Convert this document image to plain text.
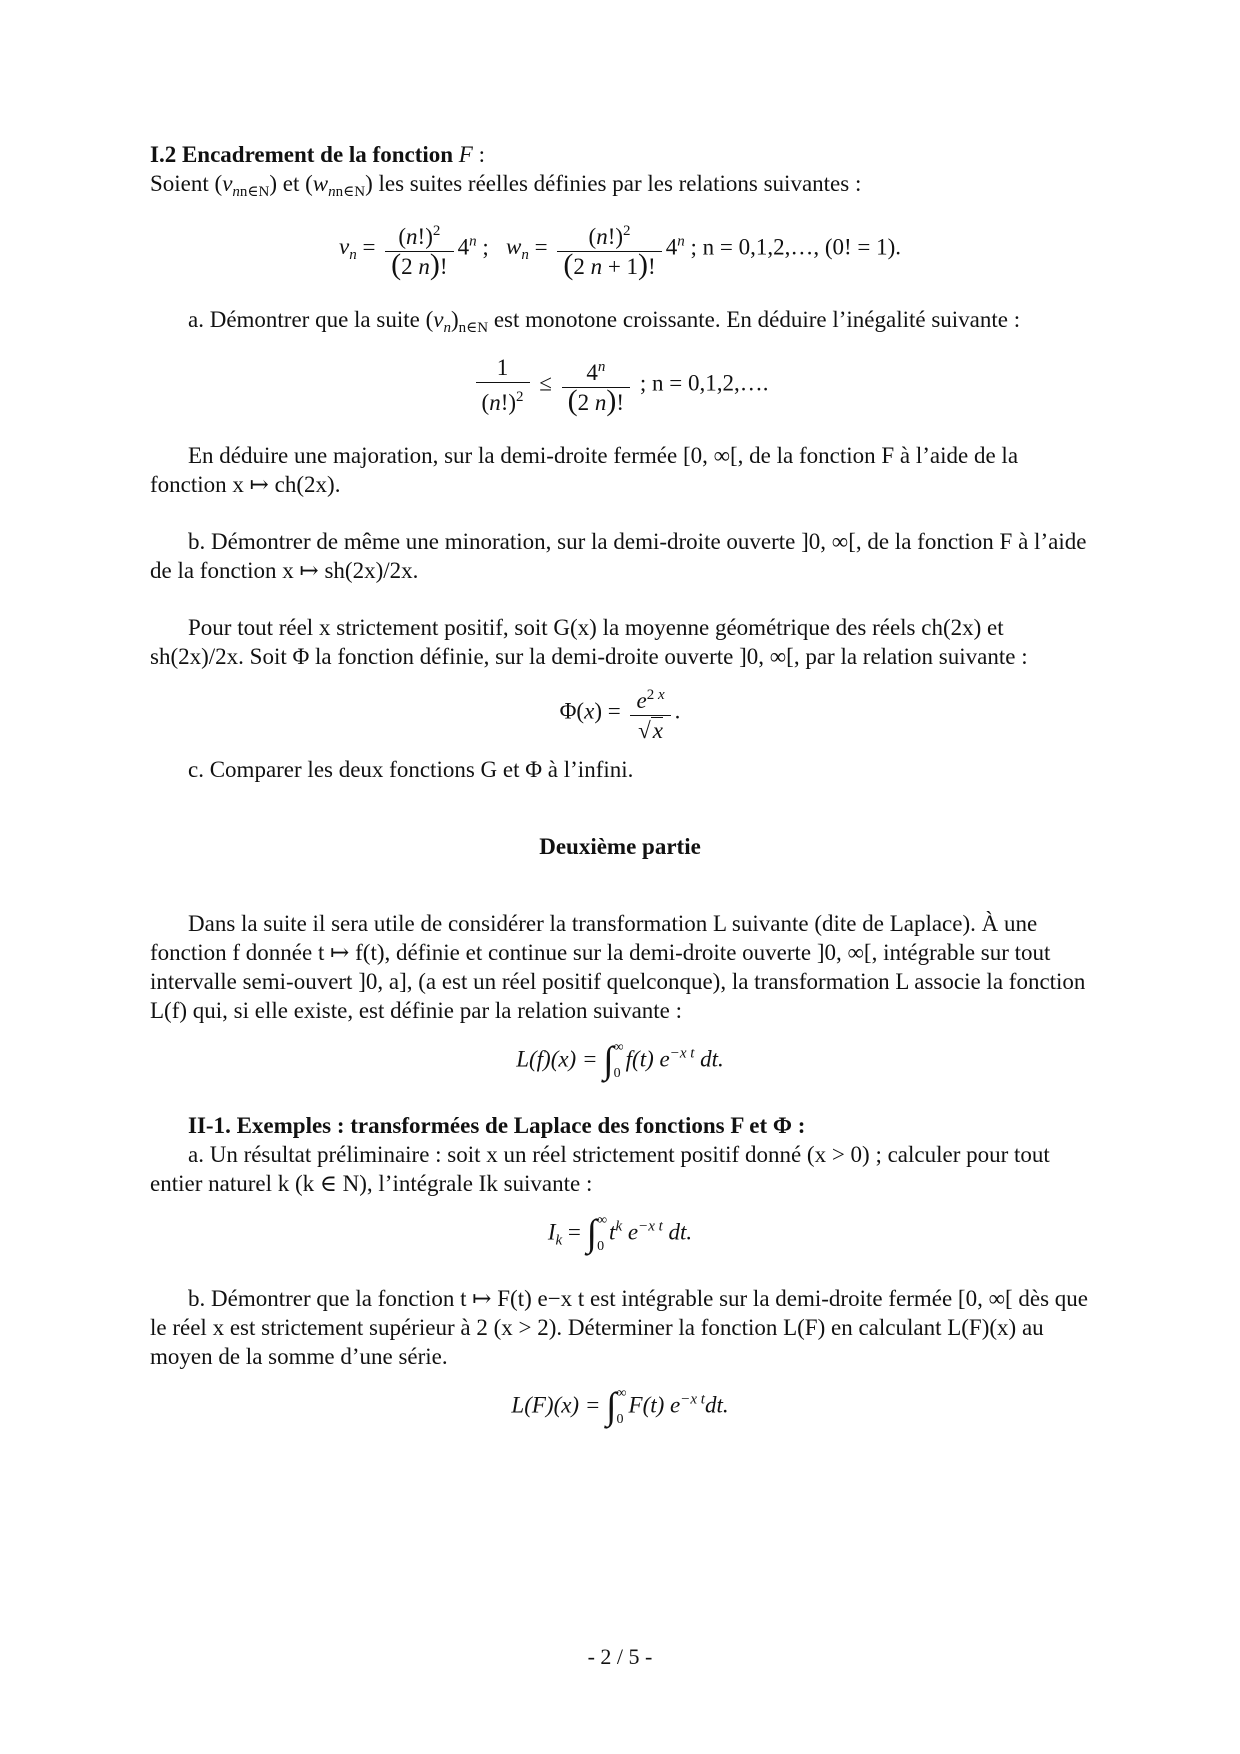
I.2 Encadrement de la fonction F :

Soient $(v_{nn\in N})$ et $(w_{nn\in N})$ les suites réelles définies par les relations suivantes :

$v_n = \frac{(n!)^2}{(2 n)!} 4^n$ ;   $w_n = \frac{(n!)^2}{(2 n + 1)!} 4^n$ ; n = 0,1,2,…, (0! = 1).

a. Démontrer que la suite $(v_n)_{n\in N}$ est monotone croissante. En déduire l’inégalité suivante :

$\frac{1}{(n!)^2} \le \frac{4^n}{(2 n)!}$ ; n = 0,1,2,….

En déduire une majoration, sur la demi-droite fermée [0, ∞[, de la fonction F à l’aide de la fonction x ↦ ch(2x).

b. Démontrer de même une minoration, sur la demi-droite ouverte ]0, ∞[, de la fonction F à l’aide de la fonction x ↦ sh(2x)/2x.

Pour tout réel x strictement positif, soit G(x) la moyenne géométrique des réels ch(2x) et sh(2x)/2x. Soit Φ la fonction définie, sur la demi-droite ouverte ]0, ∞[, par la relation suivante :

$\Phi(x) = \frac{e^{2 x}}{√x}$ .

c. Comparer les deux fonctions G et Φ à l’infini.

Deuxième partie

Dans la suite il sera utile de considérer la transformation L suivante (dite de Laplace). À une fonction f donnée t ↦ f(t), définie et continue sur la demi-droite ouverte ]0, ∞[, intégrable sur tout intervalle semi-ouvert ]0, a], (a est un réel positif quelconque), la transformation L associe la fonction L(f) qui, si elle existe, est définie par la relation suivante :

L(f)(x) = ∫ ∞
0
f(t) $e^{-x t}$ dt.

II-1. Exemples : transformées de Laplace des fonctions F et Φ :

a. Un résultat préliminaire : soit x un réel strictement positif donné (x > 0) ; calculer pour tout entier naturel k (k ∈ N), l’intégrale Ik suivante :

$I_k$ = ∫ ∞
0
$t^k$ $e^{-x t}$ dt.

b. Démontrer que la fonction t ↦ F(t) e−x t est intégrable sur la demi-droite fermée [0, ∞[ dès que le réel x est strictement supérieur à 2 (x > 2). Déterminer la fonction L(F) en calculant L(F)(x) au moyen de la somme d’une série.

L(F)(x) = ∫ ∞
0
F(t) $e^{-x t}dt$.
- 2 / 5 -
